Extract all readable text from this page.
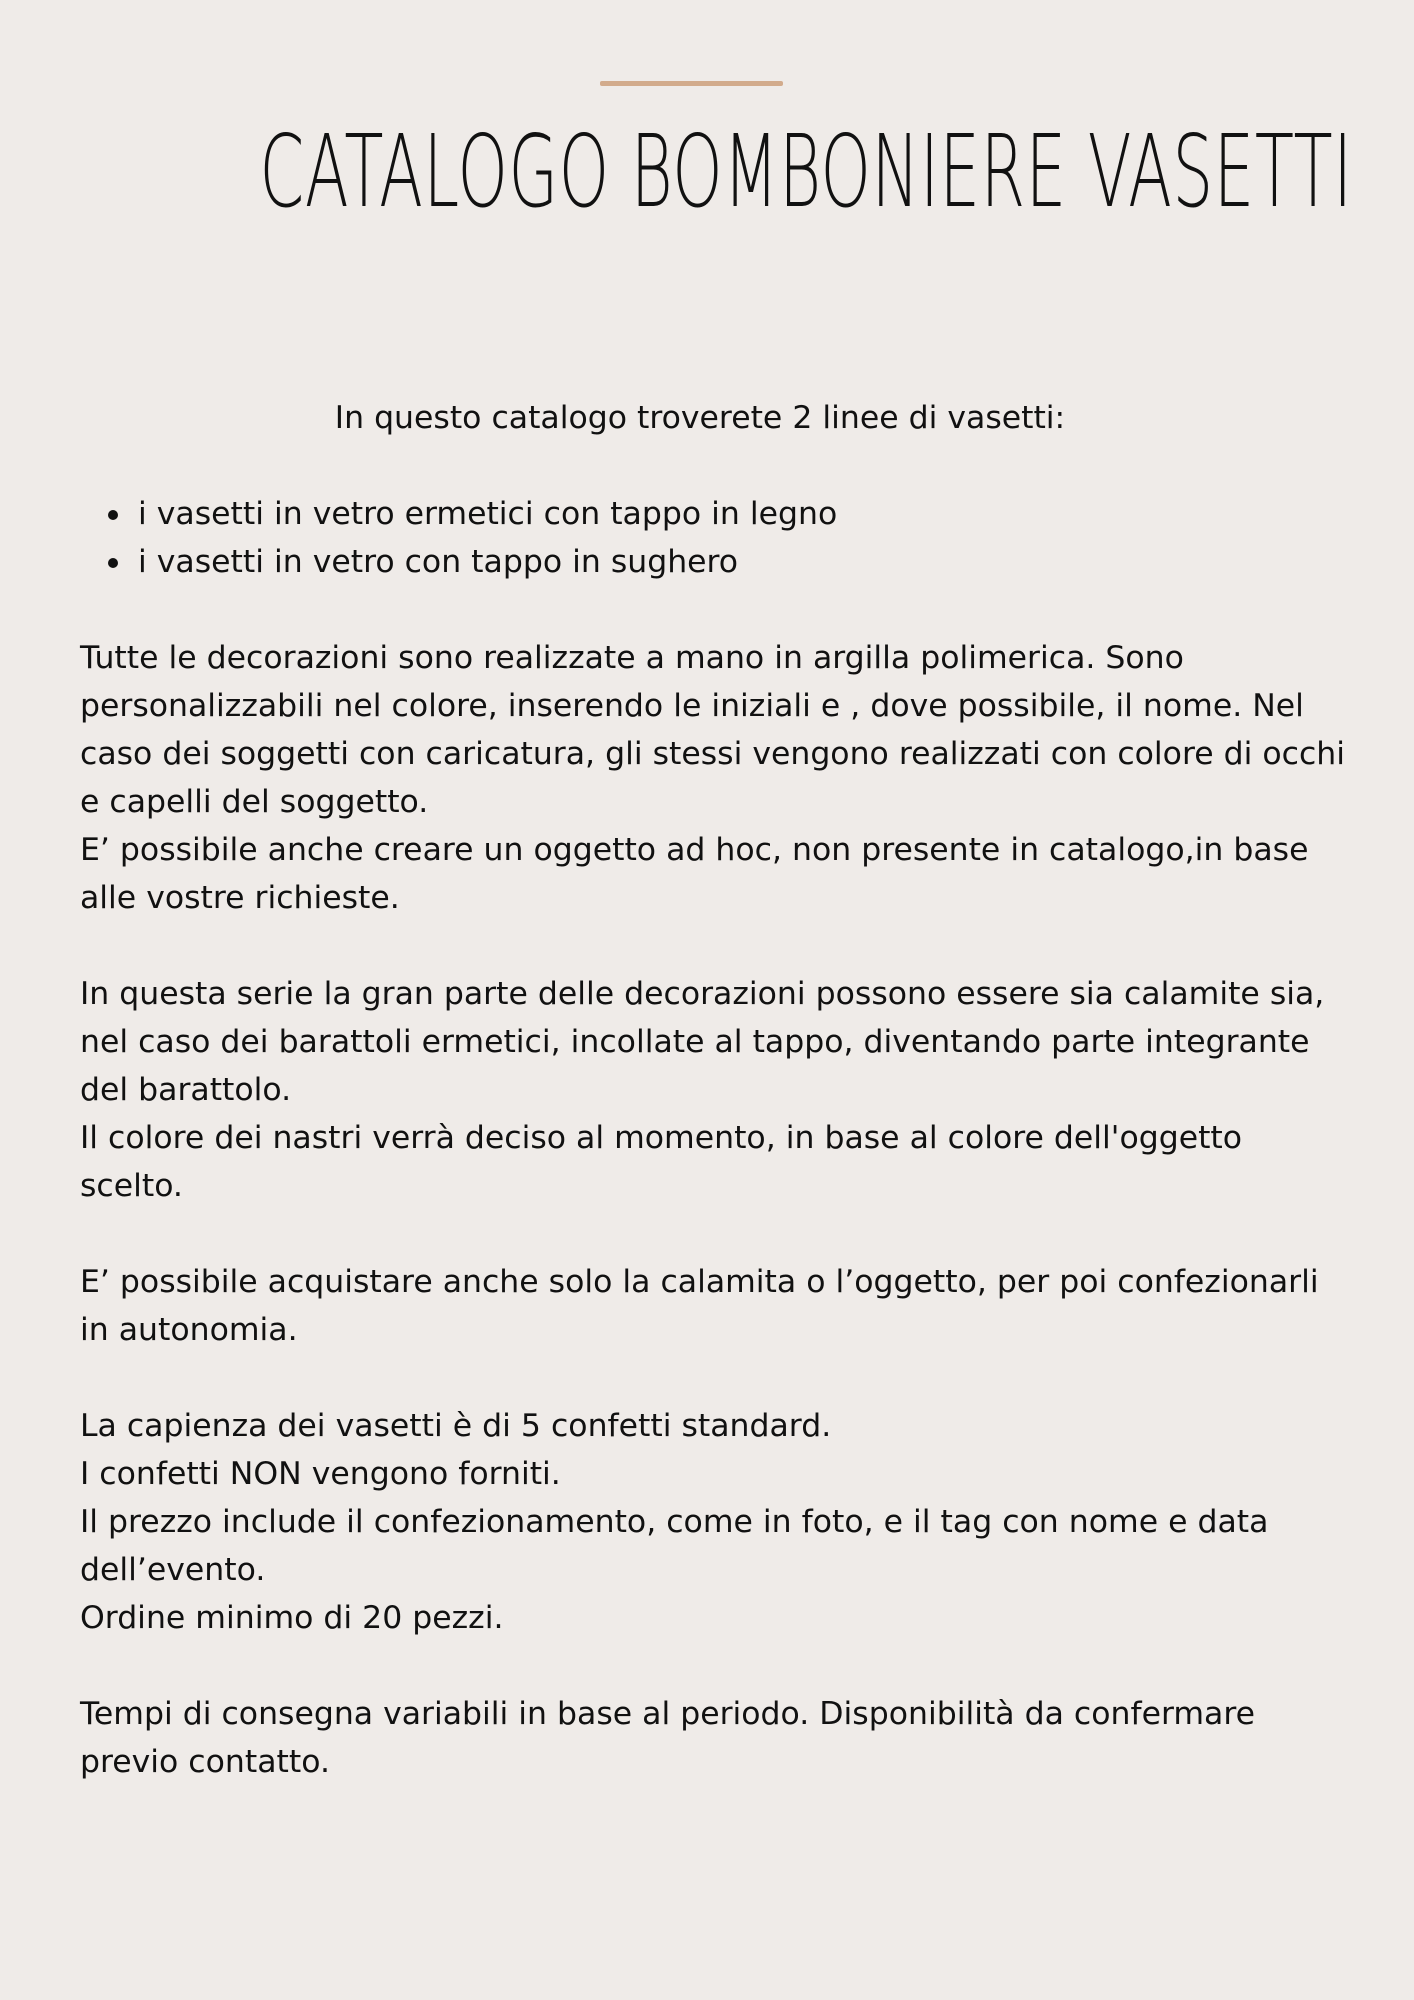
CATALOGO BOMBONIERE VASETTI

In questo catalogo troverete 2 linee di vasetti:

i vasetti in vetro ermetici con tappo in legno
i vasetti in vetro con tappo in sughero

Tutte le decorazioni sono realizzate a mano in argilla polimerica. Sono personalizzabili nel colore, inserendo le iniziali e , dove possibile, il nome. Nel caso dei soggetti con caricatura, gli stessi vengono realizzati con colore di occhi e capelli del soggetto.

E’ possibile anche creare un oggetto ad hoc, non presente in catalogo,in base alle vostre richieste.

In questa serie la gran parte delle decorazioni possono essere sia calamite sia, nel caso dei barattoli ermetici, incollate al tappo, diventando parte integrante del barattolo.

Il colore dei nastri verrà deciso al momento, in base al colore dell'oggetto scelto.

E’ possibile acquistare anche solo la calamita o l’oggetto, per poi confezionarli in autonomia.

La capienza dei vasetti è di 5 confetti standard.

I confetti NON vengono forniti.

Il prezzo include il confezionamento, come in foto, e il tag con nome e data dell’evento.

Ordine minimo di 20 pezzi.

Tempi di consegna variabili in base al periodo. Disponibilità da confermare previo contatto.
